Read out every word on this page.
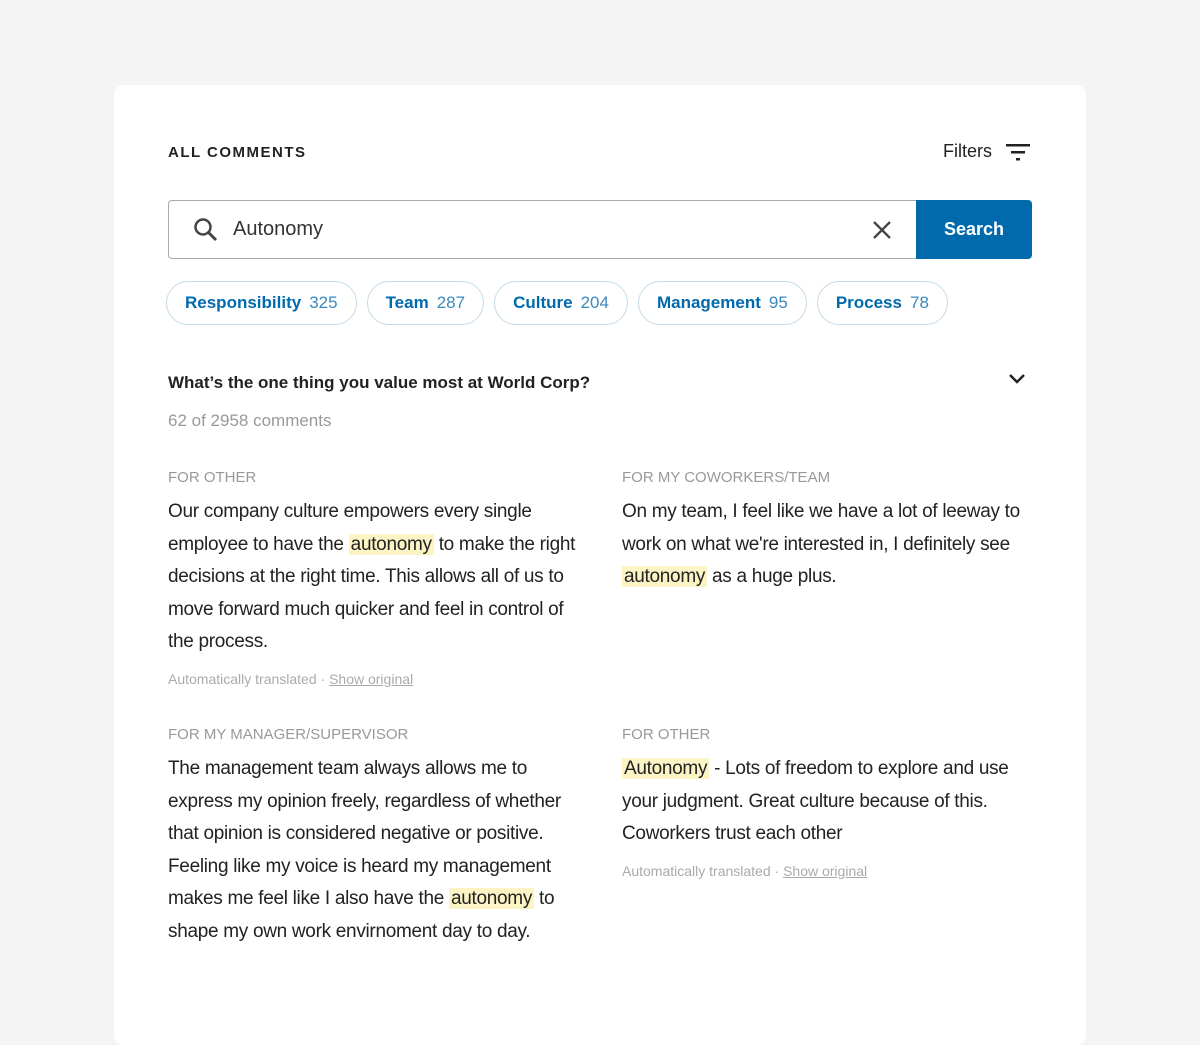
ALL COMMENTS	Filters
Autonomy
Search
Responsibility 325	Team 287	Culture 204	Management 95	Process 78
What’s the one thing you value most at World Corp?
62 of 2958 comments
FOR OTHER
Our company culture empowers every single employee to have the autonomy to make the right decisions at the right time. This allows all of us to move forward much quicker and feel in control of the process.
Automatically translated · Show original
FOR MY COWORKERS/TEAM
On my team, I feel like we have a lot of leeway to work on what we're interested in, I definitely see autonomy as a huge plus.
FOR MY MANAGER/SUPERVISOR
The management team always allows me to express my opinion freely, regardless of whether that opinion is considered negative or positive. Feeling like my voice is heard my management makes me feel like I also have the autonomy to shape my own work envirnoment day to day.
FOR OTHER
Autonomy - Lots of freedom to explore and use your judgment. Great culture because of this. Coworkers trust each other
Automatically translated · Show original
